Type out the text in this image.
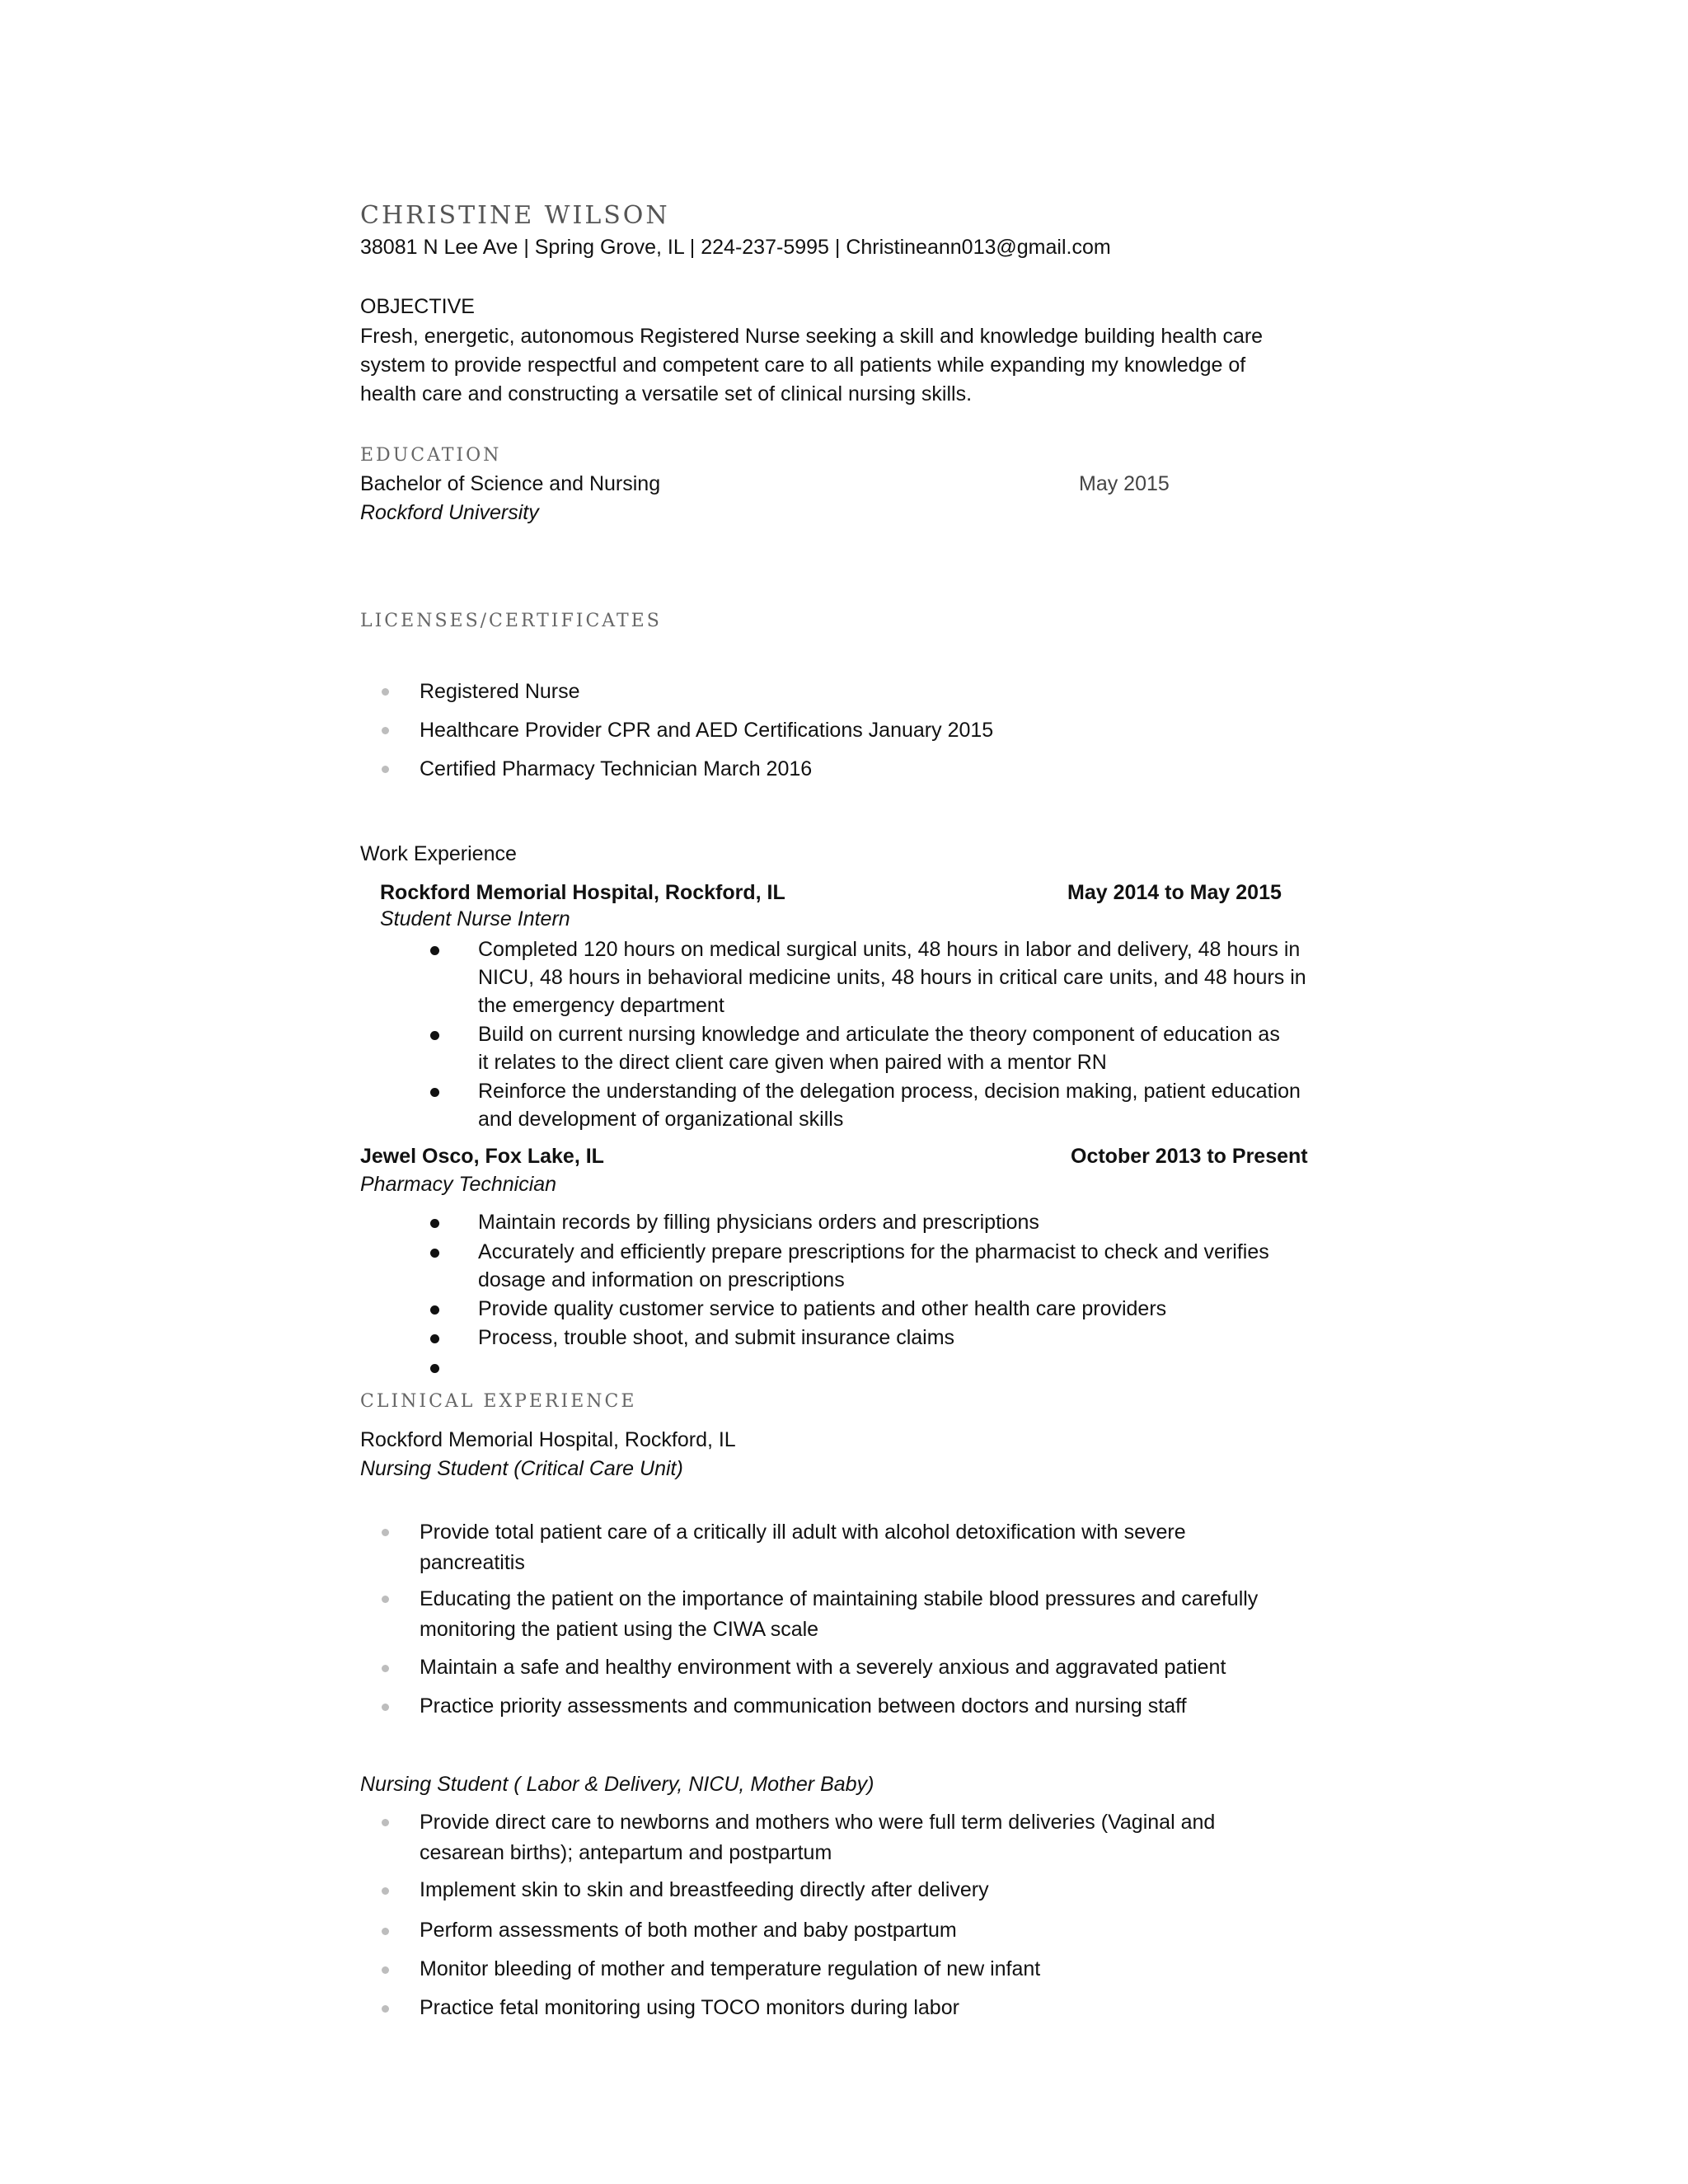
CHRISTINE WILSON
38081 N Lee Ave | Spring Grove, IL | 224-237-5995 | Christineann013@gmail.com
OBJECTIVE
Fresh, energetic, autonomous Registered Nurse seeking a skill and knowledge building health care
system to provide respectful and competent care to all patients while expanding my knowledge of
health care and constructing a versatile set of clinical nursing skills.
EDUCATION
Bachelor of Science and Nursing	May 2015
Rockford University
LICENSES/CERTIFICATES
Registered Nurse
Healthcare Provider CPR and AED Certifications January 2015
Certified Pharmacy Technician March 2016
Work Experience
Rockford Memorial Hospital, Rockford, IL	May 2014 to May 2015
Student Nurse Intern
Completed 120 hours on medical surgical units, 48 hours in labor and delivery, 48 hours in
NICU, 48 hours in behavioral medicine units, 48 hours in critical care units, and 48 hours in
the emergency department
Build on current nursing knowledge and articulate the theory component of education as
it relates to the direct client care given when paired with a mentor RN
Reinforce the understanding of the delegation process, decision making, patient education
and development of organizational skills
Jewel Osco, Fox Lake, IL	October 2013 to Present
Pharmacy Technician
Maintain records by filling physicians orders and prescriptions
Accurately and efficiently prepare prescriptions for the pharmacist to check and verifies
dosage and information on prescriptions
Provide quality customer service to patients and other health care providers
Process, trouble shoot, and submit insurance claims
CLINICAL EXPERIENCE
Rockford Memorial Hospital, Rockford, IL
Nursing Student (Critical Care Unit)
Provide total patient care of a critically ill adult with alcohol detoxification with severe
pancreatitis
Educating the patient on the importance of maintaining stabile blood pressures and carefully
monitoring the patient using the CIWA scale
Maintain a safe and healthy environment with a severely anxious and aggravated patient
Practice priority assessments and communication between doctors and nursing staff
Nursing Student ( Labor & Delivery, NICU, Mother Baby)
Provide direct care to newborns and mothers who were full term deliveries (Vaginal and
cesarean births); antepartum and postpartum
Implement skin to skin and breastfeeding directly after delivery
Perform assessments of both mother and baby postpartum
Monitor bleeding of mother and temperature regulation of new infant
Practice fetal monitoring using TOCO monitors during labor
